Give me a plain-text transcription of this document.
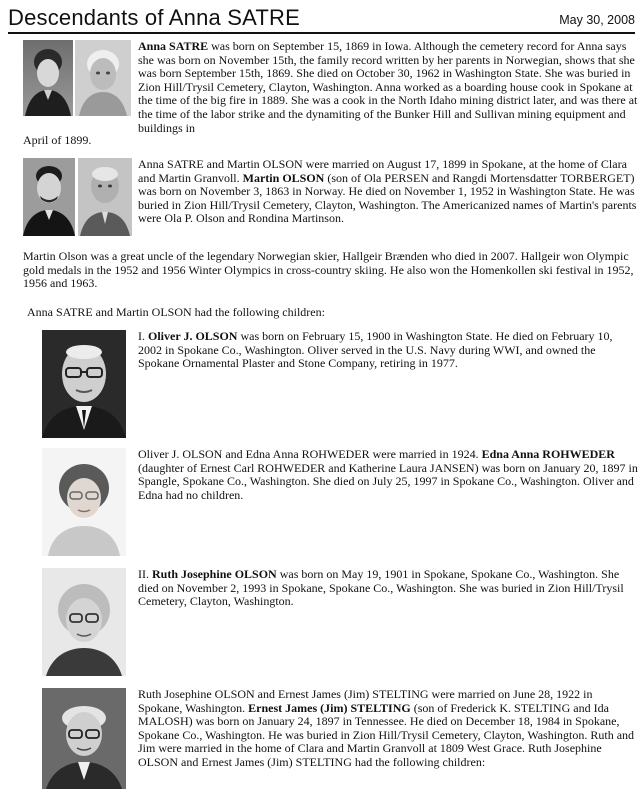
Descendants of Anna SATRE	May 30, 2008

Anna SATRE was born on September 15, 1869 in Iowa. Although the cemetery record for Anna says she was born on November 15th, the family record written by her parents in Norwegian, shows that she was born September 15th, 1869. She died on October 30, 1962 in Washington State. She was buried in Zion Hill/Trysil Cemetery, Clayton, Washington. Anna worked as a boarding house cook in Spokane at the time of the big fire in 1889. She was a cook in the North Idaho mining district later, and was there at the time of the labor strike and the dynamiting of the Bunker Hill and Sullivan mining equipment and buildings in

April of 1899.

Anna SATRE and Martin OLSON were married on August 17, 1899 in Spokane, at the home of Clara and Martin Granvoll. Martin OLSON (son of Ola PERSEN and Rangdi Mortensdatter TORBERGET) was born on November 3, 1863 in Norway. He died on November 1, 1952 in Washington State. He was buried in Zion Hill/Trysil Cemetery, Clayton, Washington. The Americanized names of Martin's parents were Ola P. Olson and Rondina Martinson.

Martin Olson was a great uncle of the legendary Norwegian skier, Hallgeir Brænden who died in 2007. Hallgeir won Olympic gold medals in the 1952 and 1956 Winter Olympics in cross-country skiing. He also won the Homenkollen ski festival in 1952, 1956 and 1963.

Anna SATRE and Martin OLSON had the following children:

I. Oliver J. OLSON was born on February 15, 1900 in Washington State. He died on February 10, 2002 in Spokane Co., Washington. Oliver served in the U.S. Navy during WWI, and owned the Spokane Ornamental Plaster and Stone Company, retiring in 1977.

Oliver J. OLSON and Edna Anna ROHWEDER were married in 1924. Edna Anna ROHWEDER (daughter of Ernest Carl ROHWEDER and Katherine Laura JANSEN) was born on January 20, 1897 in Spangle, Spokane Co., Washington. She died on July 25, 1997 in Spokane Co., Washington. Oliver and Edna had no children.

II. Ruth Josephine OLSON was born on May 19, 1901 in Spokane, Spokane Co., Washington. She died on November 2, 1993 in Spokane, Spokane Co., Washington. She was buried in Zion Hill/Trysil Cemetery, Clayton, Washington.

Ruth Josephine OLSON and Ernest James (Jim) STELTING were married on June 28, 1922 in Spokane, Washington. Ernest James (Jim) STELTING (son of Frederick K. STELTING and Ida MALOSH) was born on January 24, 1897 in Tennessee. He died on December 18, 1984 in Spokane, Spokane Co., Washington. He was buried in Zion Hill/Trysil Cemetery, Clayton, Washington. Ruth and Jim were married in the home of Clara and Martin Granvoll at 1809 West Grace. Ruth Josephine OLSON and Ernest James (Jim) STELTING had the following children:
